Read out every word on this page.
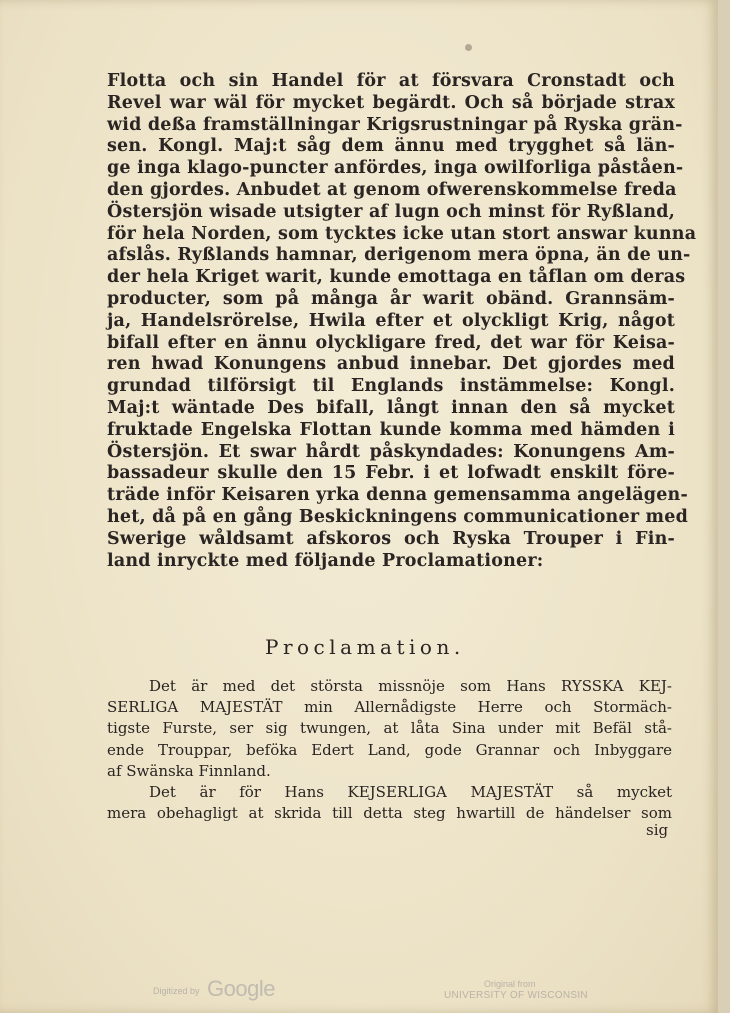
Flotta och sin Handel för at försvara Cronstadt och
Revel war wäl för mycket begärdt. Och så började strax
wid deßa framställningar Krigsrustningar på Ryska grän-
sen. Kongl. Maj:t såg dem ännu med trygghet så län-
ge inga klago-puncter anfördes, inga owilforliga påståen-
den gjordes. Anbudet at genom ofwerenskommelse freda
Östersjön wisade utsigter af lugn och minst för Ryßland,
för hela Norden, som tycktes icke utan stort answar kunna
afslås. Ryßlands hamnar, derigenom mera öpna, än de un-
der hela Kriget warit, kunde emottaga en tåflan om deras
producter, som på många år warit obänd. Grannsäm-
ja, Handelsrörelse, Hwila efter et olyckligt Krig, något
bifall efter en ännu olyckligare fred, det war för Keisa-
ren hwad Konungens anbud innebar. Det gjordes med
grundad tilförsigt til Englands instämmelse: Kongl.
Maj:t wäntade Des bifall, långt innan den så mycket
fruktade Engelska Flottan kunde komma med hämden i
Östersjön. Et swar hårdt påskyndades: Konungens Am-
bassadeur skulle den 15 Febr. i et lofwadt enskilt före-
träde inför Keisaren yrka denna gemensamma angelägen-
het, då på en gång Beskickningens communicationer med
Swerige wåldsamt afskoros och Ryska Trouper i Fin-
land inryckte med följande Proclamationer:
Proclamation.
Det är med det största missnöje som Hans RYSSKA KEJ-
SERLIGA MAJESTÄT min Allernådigste Herre och Stormäch-
tigste Furste, ser sig twungen, at låta Sina under mit Befäl stå-
ende Trouppar, beföka Edert Land, gode Grannar och Inbyggare
af Swänska Finnland.
Det är för Hans KEJSERLIGA MAJESTÄT så mycket
mera obehagligt at skrida till detta steg hwartill de händelser som
sig
Digitized by Google	Original from
UNIVERSITY OF WISCONSIN
